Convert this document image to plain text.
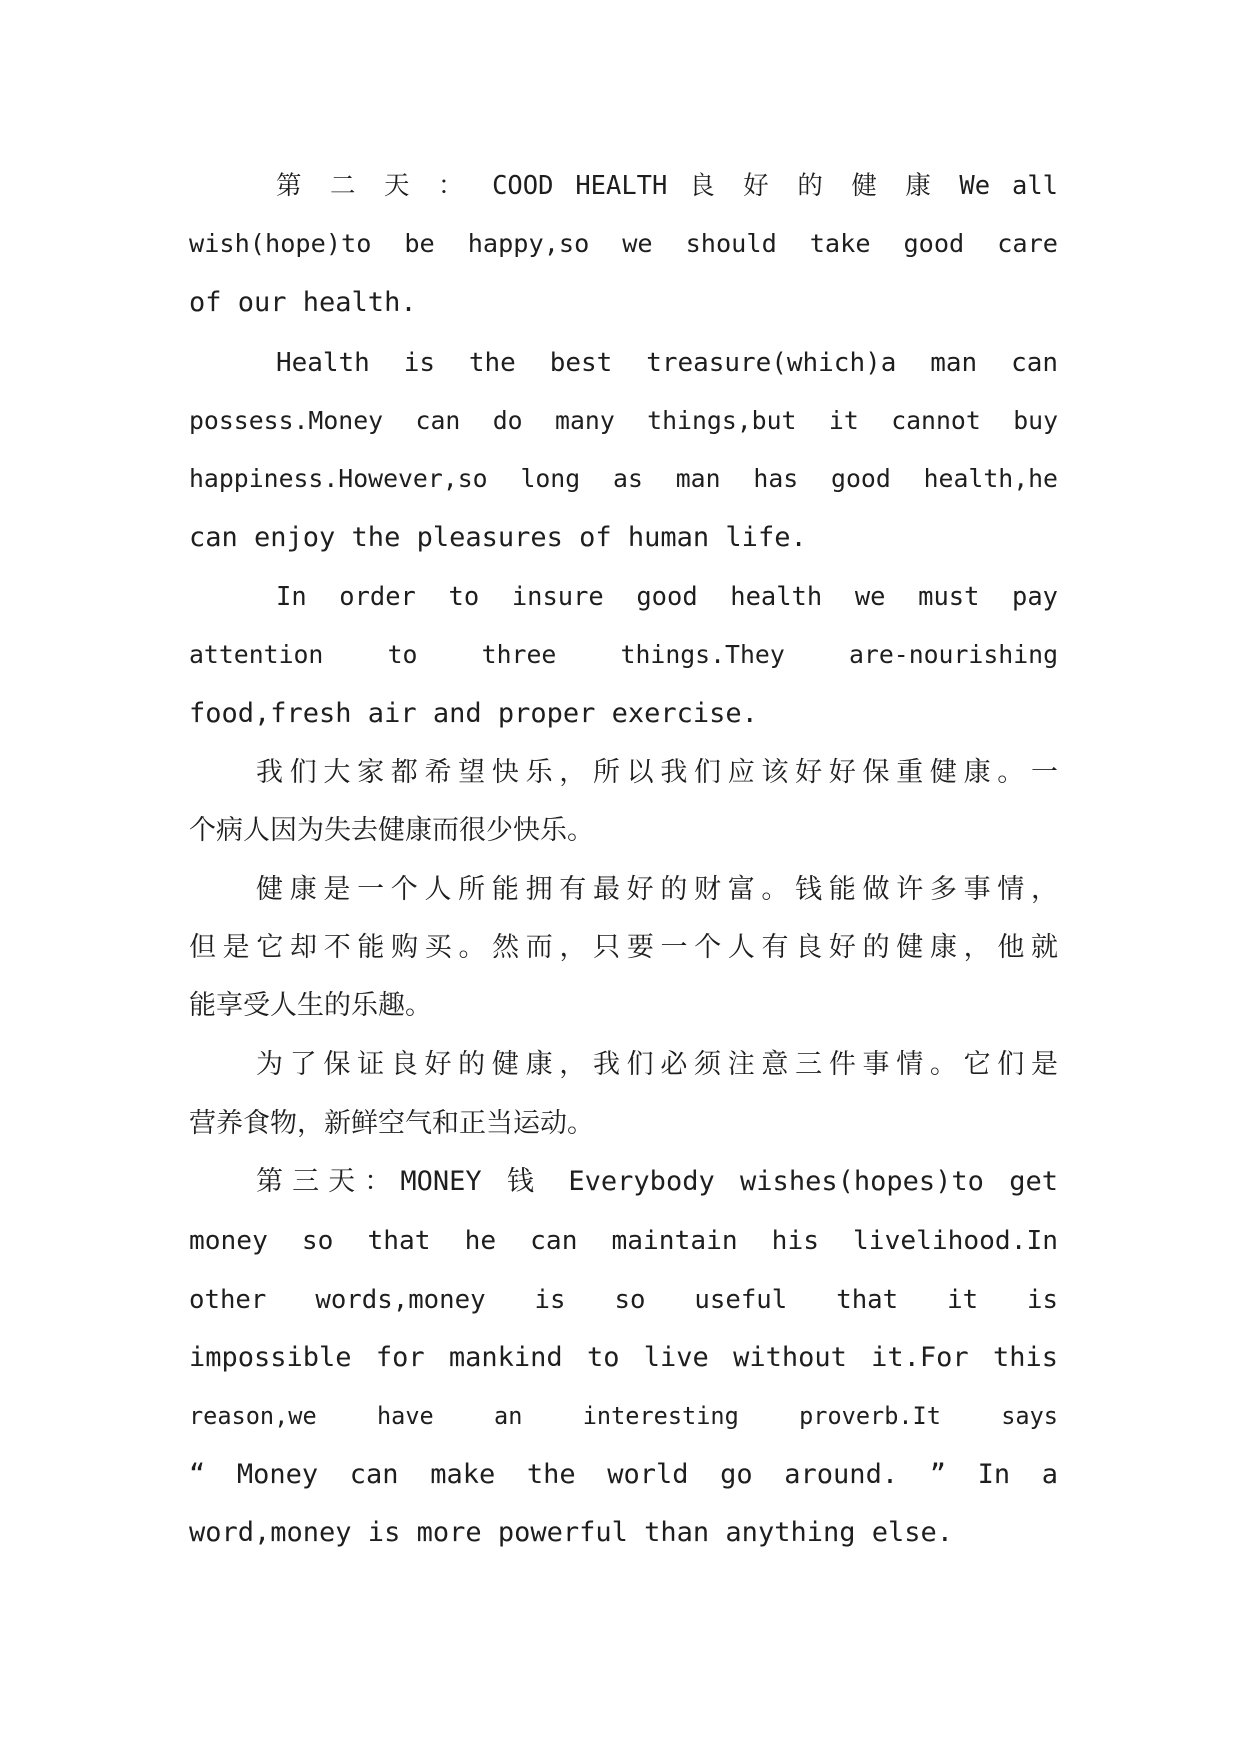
第 二 天 ： COOD HEALTH 良 好 的 健 康 We all
wish(hope)to be happy,so we should take good care
of our health.
Health is the best treasure(which)a man can
possess.Money can do many things,but it cannot buy
happiness.However,so long as man has good health,he
can enjoy the pleasures of human life.
In order to insure good health we must pay
attention to three things.They are-nourishing
food,fresh air and proper exercise.
我们大家都希望快乐，所以我们应该好好保重健康。一
个病人因为失去健康而很少快乐。
健康是一个人所能拥有最好的财富。钱能做许多事情，
但是它却不能购买。然而，只要一个人有良好的健康，他就
能享受人生的乐趣。
为了保证良好的健康，我们必须注意三件事情。它们是
营养食物，新鲜空气和正当运动。
第三天：MONEY 钱 Everybody wishes(hopes)to get
money so that he can maintain his livelihood.In
other words,money is so useful that it is
impossible for mankind to live without it.For this
reason,we have an interesting proverb.It says
“ Money can make the world go around. ” In a
word,money is more powerful than anything else.
